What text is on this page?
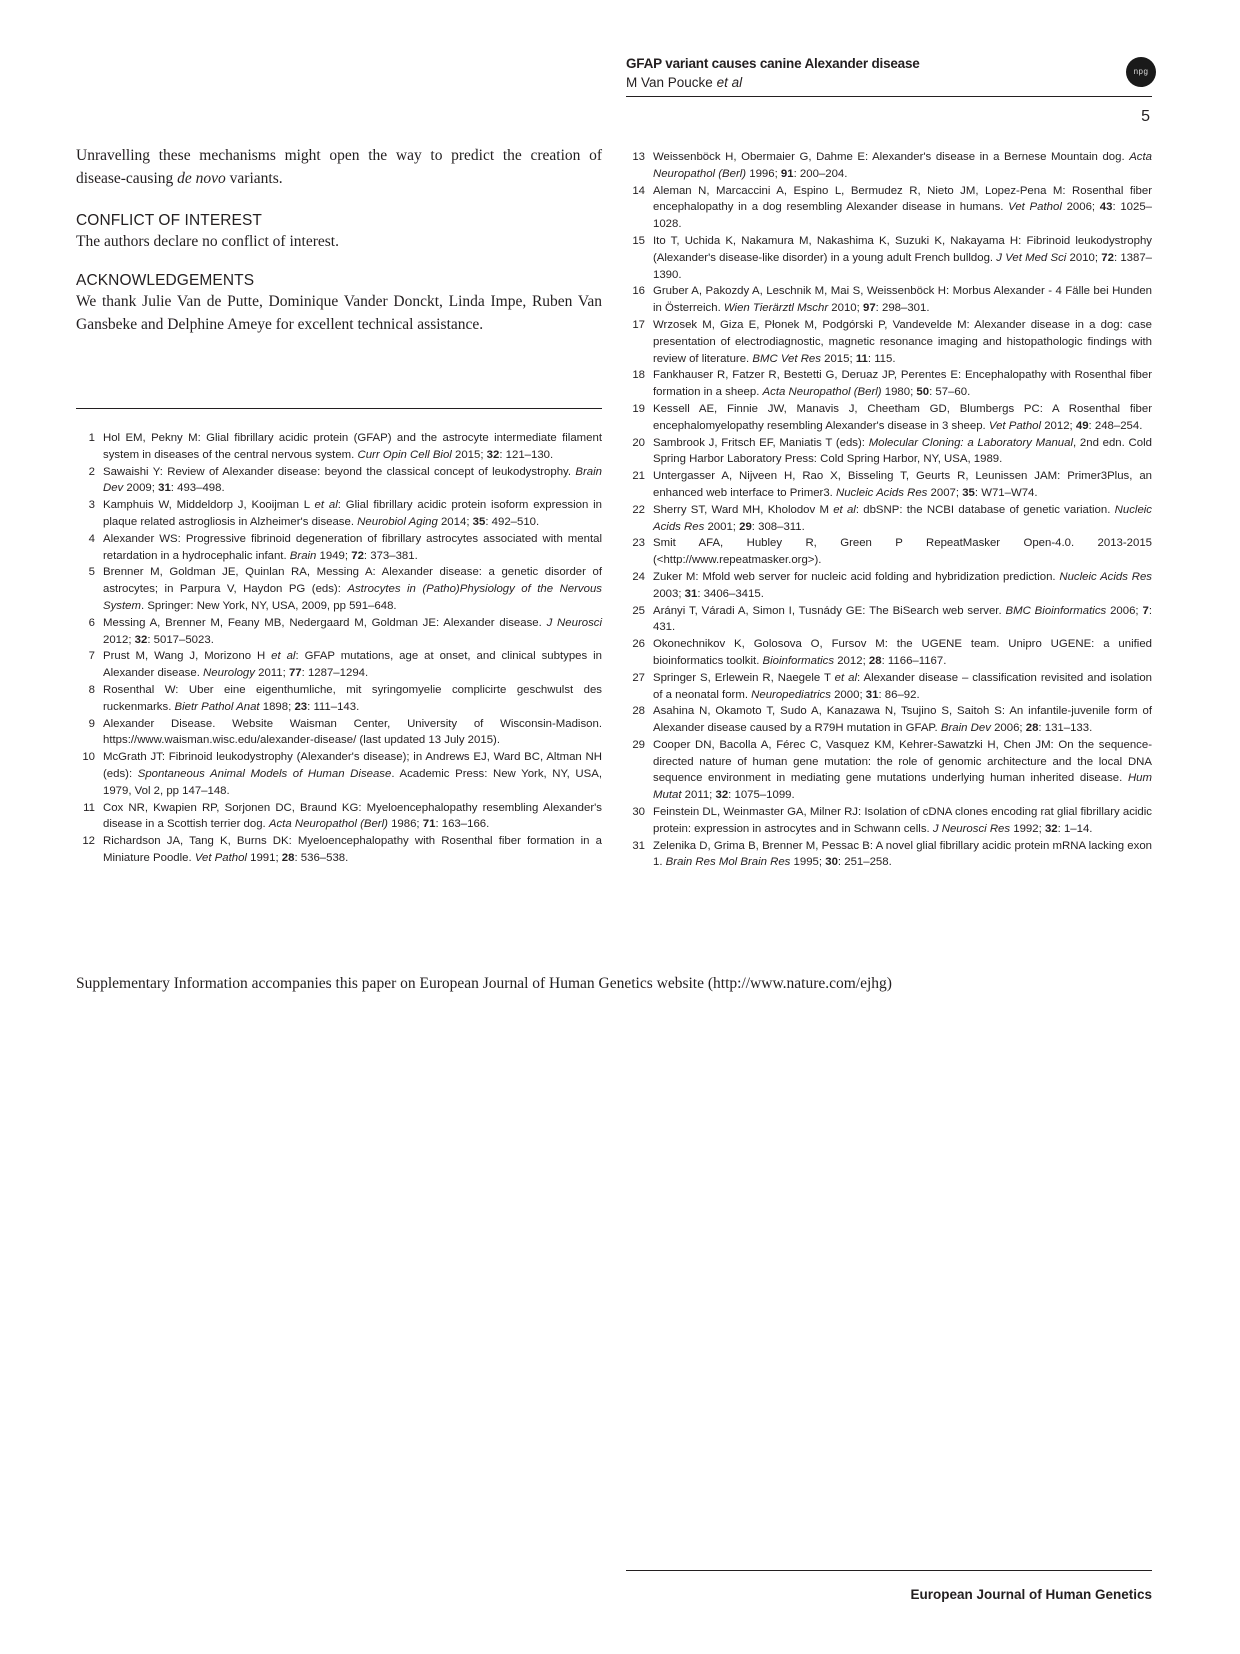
GFAP variant causes canine Alexander disease
M Van Poucke et al
npg
5

Unravelling these mechanisms might open the way to predict the creation of disease-causing de novo variants.

CONFLICT OF INTEREST

The authors declare no conflict of interest.

ACKNOWLEDGEMENTS

We thank Julie Van de Putte, Dominique Vander Donckt, Linda Impe, Ruben Van Gansbeke and Delphine Ameye for excellent technical assistance.

1 Hol EM, Pekny M: Glial fibrillary acidic protein (GFAP) and the astrocyte intermediate filament system in diseases of the central nervous system. Curr Opin Cell Biol 2015; 32: 121–130.

2 Sawaishi Y: Review of Alexander disease: beyond the classical concept of leukodystrophy. Brain Dev 2009; 31: 493–498.

3 Kamphuis W, Middeldorp J, Kooijman L et al: Glial fibrillary acidic protein isoform expression in plaque related astrogliosis in Alzheimer's disease. Neurobiol Aging 2014; 35: 492–510.

4 Alexander WS: Progressive fibrinoid degeneration of fibrillary astrocytes associated with mental retardation in a hydrocephalic infant. Brain 1949; 72: 373–381.

5 Brenner M, Goldman JE, Quinlan RA, Messing A: Alexander disease: a genetic disorder of astrocytes; in Parpura V, Haydon PG (eds): Astrocytes in (Patho)Physiology of the Nervous System. Springer: New York, NY, USA, 2009, pp 591–648.

6 Messing A, Brenner M, Feany MB, Nedergaard M, Goldman JE: Alexander disease. J Neurosci 2012; 32: 5017–5023.

7 Prust M, Wang J, Morizono H et al: GFAP mutations, age at onset, and clinical subtypes in Alexander disease. Neurology 2011; 77: 1287–1294.

8 Rosenthal W: Uber eine eigenthumliche, mit syringomyelie complicirte geschwulst des ruckenmarks. Bietr Pathol Anat 1898; 23: 111–143.

9 Alexander Disease. Website Waisman Center, University of Wisconsin-Madison. https://www.waisman.wisc.edu/alexander-disease/ (last updated 13 July 2015).

10 McGrath JT: Fibrinoid leukodystrophy (Alexander's disease); in Andrews EJ, Ward BC, Altman NH (eds): Spontaneous Animal Models of Human Disease. Academic Press: New York, NY, USA, 1979, Vol 2, pp 147–148.

11 Cox NR, Kwapien RP, Sorjonen DC, Braund KG: Myeloencephalopathy resembling Alexander's disease in a Scottish terrier dog. Acta Neuropathol (Berl) 1986; 71: 163–166.

12 Richardson JA, Tang K, Burns DK: Myeloencephalopathy with Rosenthal fiber formation in a Miniature Poodle. Vet Pathol 1991; 28: 536–538.

13 Weissenböck H, Obermaier G, Dahme E: Alexander's disease in a Bernese Mountain dog. Acta Neuropathol (Berl) 1996; 91: 200–204.

14 Aleman N, Marcaccini A, Espino L, Bermudez R, Nieto JM, Lopez-Pena M: Rosenthal fiber encephalopathy in a dog resembling Alexander disease in humans. Vet Pathol 2006; 43: 1025–1028.

15 Ito T, Uchida K, Nakamura M, Nakashima K, Suzuki K, Nakayama H: Fibrinoid leukodystrophy (Alexander's disease-like disorder) in a young adult French bulldog. J Vet Med Sci 2010; 72: 1387–1390.

16 Gruber A, Pakozdy A, Leschnik M, Mai S, Weissenböck H: Morbus Alexander - 4 Fälle bei Hunden in Österreich. Wien Tierärztl Mschr 2010; 97: 298–301.

17 Wrzosek M, Giza E, Płonek M, Podgórski P, Vandevelde M: Alexander disease in a dog: case presentation of electrodiagnostic, magnetic resonance imaging and histopathologic findings with review of literature. BMC Vet Res 2015; 11: 115.

18 Fankhauser R, Fatzer R, Bestetti G, Deruaz JP, Perentes E: Encephalopathy with Rosenthal fiber formation in a sheep. Acta Neuropathol (Berl) 1980; 50: 57–60.

19 Kessell AE, Finnie JW, Manavis J, Cheetham GD, Blumbergs PC: A Rosenthal fiber encephalomyelopathy resembling Alexander's disease in 3 sheep. Vet Pathol 2012; 49: 248–254.

20 Sambrook J, Fritsch EF, Maniatis T (eds): Molecular Cloning: a Laboratory Manual, 2nd edn. Cold Spring Harbor Laboratory Press: Cold Spring Harbor, NY, USA, 1989.

21 Untergasser A, Nijveen H, Rao X, Bisseling T, Geurts R, Leunissen JAM: Primer3Plus, an enhanced web interface to Primer3. Nucleic Acids Res 2007; 35: W71–W74.

22 Sherry ST, Ward MH, Kholodov M et al: dbSNP: the NCBI database of genetic variation. Nucleic Acids Res 2001; 29: 308–311.

23 Smit AFA, Hubley R, Green P RepeatMasker Open-4.0. 2013-2015 (<http://www.repeatmasker.org>).

24 Zuker M: Mfold web server for nucleic acid folding and hybridization prediction. Nucleic Acids Res 2003; 31: 3406–3415.

25 Arányi T, Váradi A, Simon I, Tusnády GE: The BiSearch web server. BMC Bioinformatics 2006; 7: 431.

26 Okonechnikov K, Golosova O, Fursov M: the UGENE team. Unipro UGENE: a unified bioinformatics toolkit. Bioinformatics 2012; 28: 1166–1167.

27 Springer S, Erlewein R, Naegele T et al: Alexander disease – classification revisited and isolation of a neonatal form. Neuropediatrics 2000; 31: 86–92.

28 Asahina N, Okamoto T, Sudo A, Kanazawa N, Tsujino S, Saitoh S: An infantile-juvenile form of Alexander disease caused by a R79H mutation in GFAP. Brain Dev 2006; 28: 131–133.

29 Cooper DN, Bacolla A, Férec C, Vasquez KM, Kehrer-Sawatzki H, Chen JM: On the sequence-directed nature of human gene mutation: the role of genomic architecture and the local DNA sequence environment in mediating gene mutations underlying human inherited disease. Hum Mutat 2011; 32: 1075–1099.

30 Feinstein DL, Weinmaster GA, Milner RJ: Isolation of cDNA clones encoding rat glial fibrillary acidic protein: expression in astrocytes and in Schwann cells. J Neurosci Res 1992; 32: 1–14.

31 Zelenika D, Grima B, Brenner M, Pessac B: A novel glial fibrillary acidic protein mRNA lacking exon 1. Brain Res Mol Brain Res 1995; 30: 251–258.

Supplementary Information accompanies this paper on European Journal of Human Genetics website (http://www.nature.com/ejhg)
European Journal of Human Genetics
